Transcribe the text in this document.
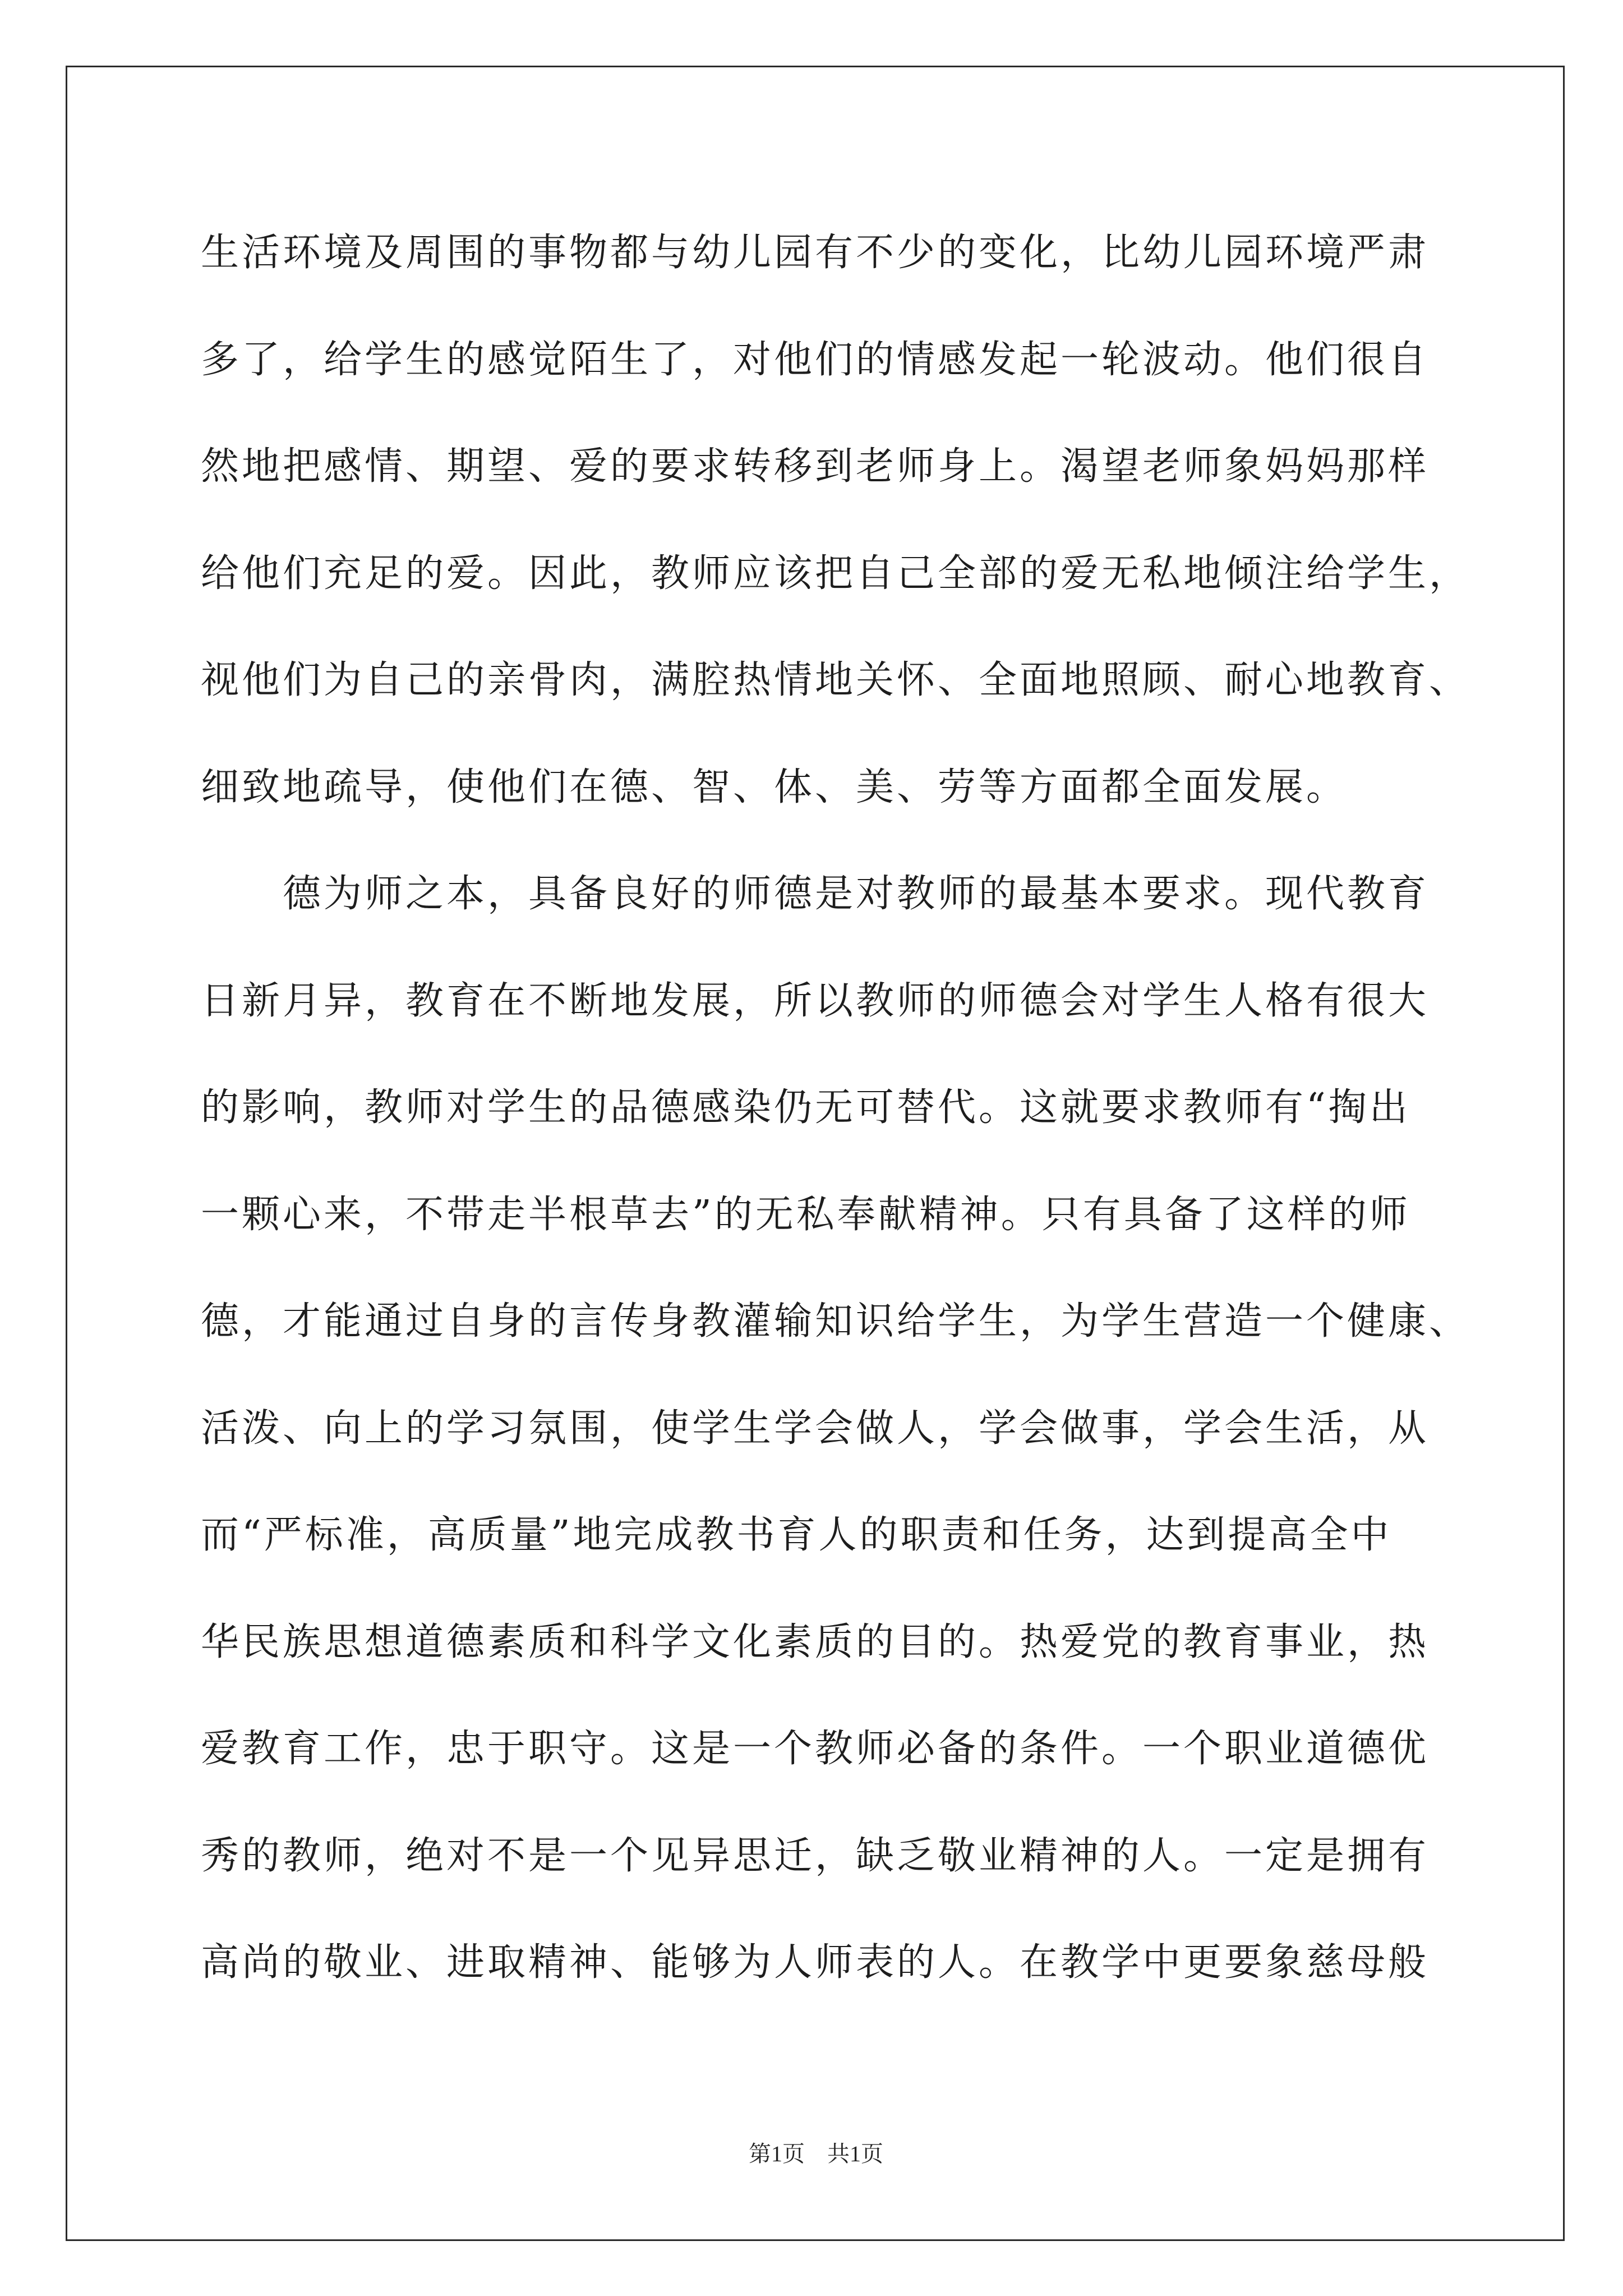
生活环境及周围的事物都与幼儿园有不少的变化，比幼儿园环境严肃
多了，给学生的感觉陌生了，对他们的情感发起一轮波动。他们很自
然地把感情、期望、爱的要求转移到老师身上。渴望老师象妈妈那样
给他们充足的爱。因此，教师应该把自己全部的爱无私地倾注给学生，
视他们为自己的亲骨肉，满腔热情地关怀、全面地照顾、耐心地教育、
细致地疏导，使他们在德、智、体、美、劳等方面都全面发展。
德为师之本，具备良好的师德是对教师的最基本要求。现代教育
日新月异，教育在不断地发展，所以教师的师德会对学生人格有很大
的影响，教师对学生的品德感染仍无可替代。这就要求教师有“掏出
一颗心来，不带走半根草去”的无私奉献精神。只有具备了这样的师
德，才能通过自身的言传身教灌输知识给学生，为学生营造一个健康、
活泼、向上的学习氛围，使学生学会做人，学会做事，学会生活，从
而“严标准，高质量”地完成教书育人的职责和任务，达到提高全中
华民族思想道德素质和科学文化素质的目的。热爱党的教育事业，热
爱教育工作，忠于职守。这是一个教师必备的条件。一个职业道德优
秀的教师，绝对不是一个见异思迁，缺乏敬业精神的人。一定是拥有
高尚的敬业、进取精神、能够为人师表的人。在教学中更要象慈母般
第1页　共1页
